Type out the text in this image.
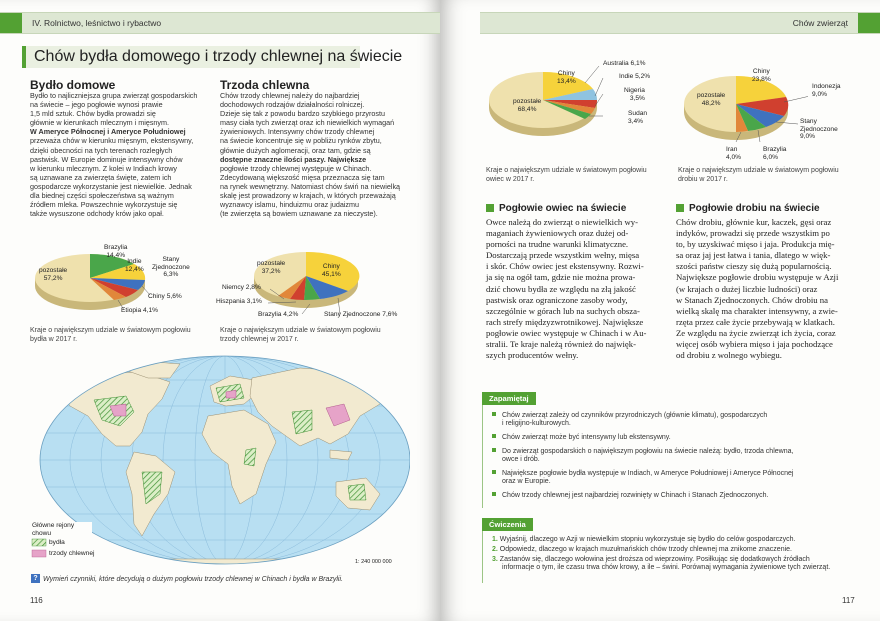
IV. Rolnictwo, leśnictwo i rybactwo
Chów bydła domowego i trzody chlewnej na świecie
Bydło domowe
Bydło to najliczniejsza grupa zwierząt gospodarskich
na świecie – jego pogłowie wynosi prawie
1,5 mld sztuk. Chów bydła prowadzi się
głównie w kierunkach mlecznym i mięsnym.
W Ameryce Północnej i Ameryce Południowej
przeważa chów w kierunku mięsnym, ekstensywny,
dzięki obecności na tych terenach rozległych
pastwisk. W Europie dominuje intensywny chów
w kierunku mlecznym. Z kolei w Indiach krowy
są uznawane za zwierzęta święte, zatem ich
gospodarcze wykorzystanie jest niewielkie. Jednak
dla biednej części społeczeństwa są ważnym
źródłem mleka. Powszechnie wykorzystuje się
także wysuszone odchody krów jako opał.
Trzoda chlewna
Chów trzody chlewnej należy do najbardziej
dochodowych rodzajów działalności rolniczej.
Dzieje się tak z powodu bardzo szybkiego przyrostu
masy ciała tych zwierząt oraz ich niewielkich wymagań
żywieniowych. Intensywny chów trzody chlewnej
na świecie koncentruje się w pobliżu rynków zbytu,
głównie dużych aglomeracji, oraz tam, gdzie są
dostępne znaczne ilości paszy. Największe
pogłowie trzody chlewnej występuje w Chinach.
Zdecydowaną większość mięsa przeznacza się tam
na rynek wewnętrzny. Natomiast chów świń na niewielką
skalę jest prowadzony w krajach, w których przeważają
wyznawcy islamu, hinduizmu oraz judaizmu
(te zwierzęta są bowiem uznawane za nieczyste).
pozostałe
57,2%
Brazylia
14,4%
Indie
12,4%
Stany
Zjednoczone
6,3%
Chiny 5,6%
Etiopia 4,1%
Kraje o największym udziale w światowym pogłowiu
bydła w 2017 r.
pozostałe
37,2%
Chiny
45,1%
Niemcy 2,8%
Hiszpania 3,1%
Brazylia 4,2%	Stany Zjednoczone 7,6%
Kraje o największym udziale w światowym pogłowiu
trzody chlewnej w 2017 r.
Główne rejony chowu
bydła
trzody chlewnej
1: 240 000 000
? Wymień czynniki, które decydują o dużym pogłowiu trzody chlewnej w Chinach i bydła w Brazylii.
116
Chów zwierząt
Chiny
13,4%
Australia 6,1%
Indie 5,2%
Nigeria
3,5%
Sudan
3,4%
pozostałe
68,4%
Kraje o największym udziale w światowym pogłowiu
owiec w 2017 r.
Chiny
23,8%
Indonezja
9,0%
Stany
Zjednoczone
9,0%
Brazylia
6,0%
Iran
4,0%
pozostałe
48,2%
Kraje o największym udziale w światowym pogłowiu
drobiu w 2017 r.
Pogłowie owiec na świecie
Owce należą do zwierząt o niewielkich wy-
maganiach żywieniowych oraz dużej od-
porności na trudne warunki klimatyczne.
Dostarczają przede wszystkim wełny, mięsa
i skór. Chów owiec jest ekstensywny. Rozwi-
ja się na ogół tam, gdzie nie można prowa-
dzić chowu bydła ze względu na złą jakość
pastwisk oraz ograniczone zasoby wody,
szczególnie w górach lub na suchych obsza-
rach strefy międzyzwrotnikowej. Największe
pogłowie owiec występuje w Chinach i w Au-
stralii. Te kraje należą również do najwięk-
szych producentów wełny.
Pogłowie drobiu na świecie
Chów drobiu, głównie kur, kaczek, gęsi oraz
indyków, prowadzi się przede wszystkim po
to, by uzyskiwać mięso i jaja. Produkcja mię-
sa oraz jaj jest łatwa i tania, dlatego w więk-
szości państw cieszy się dużą popularnością.
Największe pogłowie drobiu występuje w Azji
(w krajach o dużej liczbie ludności) oraz
w Stanach Zjednoczonych. Chów drobiu na
wielką skalę ma charakter intensywny, a zwie-
rzęta przez całe życie przebywają w klatkach.
Ze względu na życie zwierząt ich życia, coraz
więcej osób wybiera mięso i jaja pochodzące
od drobiu z wolnego wybiegu.
Zapamiętaj
Chów zwierząt zależy od czynników przyrodniczych (głównie klimatu), gospodarczych
i religijno-kulturowych.
Chów zwierząt może być intensywny lub ekstensywny.
Do zwierząt gospodarskich o największym pogłowiu na świecie należą: bydło, trzoda chlewna,
owce i drób.
Największe pogłowie bydła występuje w Indiach, w Ameryce Południowej i Ameryce Północnej
oraz w Europie.
Chów trzody chlewnej jest najbardziej rozwinięty w Chinach i Stanach Zjednoczonych.
Ćwiczenia
1. Wyjaśnij, dlaczego w Azji w niewielkim stopniu wykorzystuje się bydło do celów gospodarczych.
2. Odpowiedz, dlaczego w krajach muzułmańskich chów trzody chlewnej ma znikome znaczenie.
3. Zastanów się, dlaczego wołowina jest droższa od wieprzowiny. Posiłkując się dodatkowych źródłach
informacje o tym, ile czasu trwa chów krowy, a ile – świni. Porównaj wymagania żywieniowe tych zwierząt.
117
